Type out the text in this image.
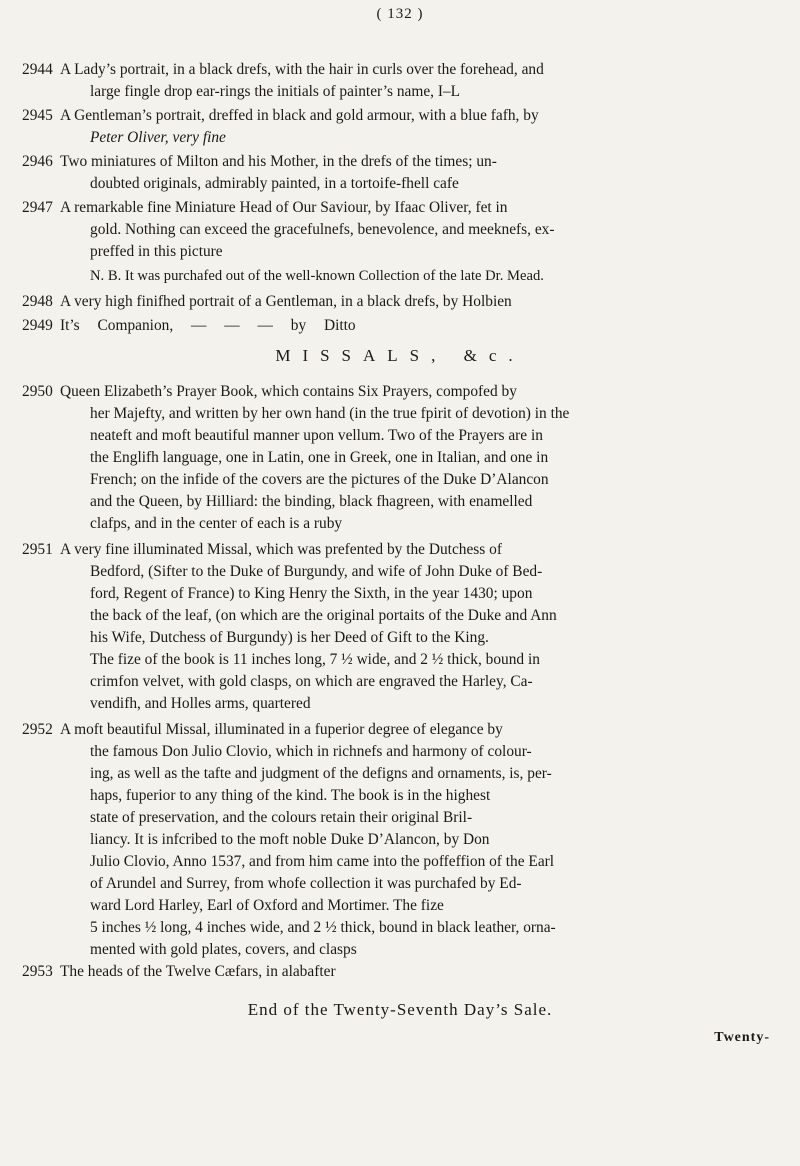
( 132 )
2944 A Lady’s portrait, in a black drefs, with the hair in curls over the forehead, and
large fingle drop ear-rings the initials of painter’s name, I–L
2945 A Gentleman’s portrait, dreffed in black and gold armour, with a blue fafh, by
Peter Oliver, very fine
2946 Two miniatures of Milton and his Mother, in the drefs of the times; un-
doubted originals, admirably painted, in a tortoife-fhell cafe
2947 A remarkable fine Miniature Head of Our Saviour, by Ifaac Oliver, fet in
gold. Nothing can exceed the gracefulnefs, benevolence, and meeknefs, ex-
preffed in this picture
N. B. It was purchafed out of the well-known Collection of the late Dr. Mead.
2948 A very high finifhed portrait of a Gentleman, in a black drefs, by Holbien
2949 It’s Companion, — — — by Ditto
MISSALS, &c.
2950 Queen Elizabeth’s Prayer Book, which contains Six Prayers, compofed by
her Majefty, and written by her own hand (in the true fpirit of devotion) in the
neateft and moft beautiful manner upon vellum. Two of the Prayers are in
the Englifh language, one in Latin, one in Greek, one in Italian, and one in
French; on the infide of the covers are the pictures of the Duke D’Alancon
and the Queen, by Hilliard: the binding, black fhagreen, with enamelled
clafps, and in the center of each is a ruby
2951 A very fine illuminated Missal, which was prefented by the Dutchess of
Bedford, (Sifter to the Duke of Burgundy, and wife of John Duke of Bed-
ford, Regent of France) to King Henry the Sixth, in the year 1430; upon
the back of the leaf, (on which are the original portaits of the Duke and Ann
his Wife, Dutchess of Burgundy) is her Deed of Gift to the King.
The fize of the book is 11 inches long, 7 ½ wide, and 2 ½ thick, bound in
crimfon velvet, with gold clasps, on which are engraved the Harley, Ca-
vendifh, and Holles arms, quartered
2952 A moft beautiful Missal, illuminated in a fuperior degree of elegance by
the famous Don Julio Clovio, which in richnefs and harmony of colour-
ing, as well as the tafte and judgment of the defigns and ornaments, is, per-
haps, fuperior to any thing of the kind. The book is in the highest
state of preservation, and the colours retain their original Bril-
liancy. It is infcribed to the moft noble Duke D’Alancon, by Don
Julio Clovio, Anno 1537, and from him came into the poffeffion of the Earl
of Arundel and Surrey, from whofe collection it was purchafed by Ed-
ward Lord Harley, Earl of Oxford and Mortimer. The fize
5 inches ½ long, 4 inches wide, and 2 ½ thick, bound in black leather, orna-
mented with gold plates, covers, and clasps
2953 The heads of the Twelve Cæfars, in alabafter
End of the Twenty-Seventh Day’s Sale.
Twenty-
